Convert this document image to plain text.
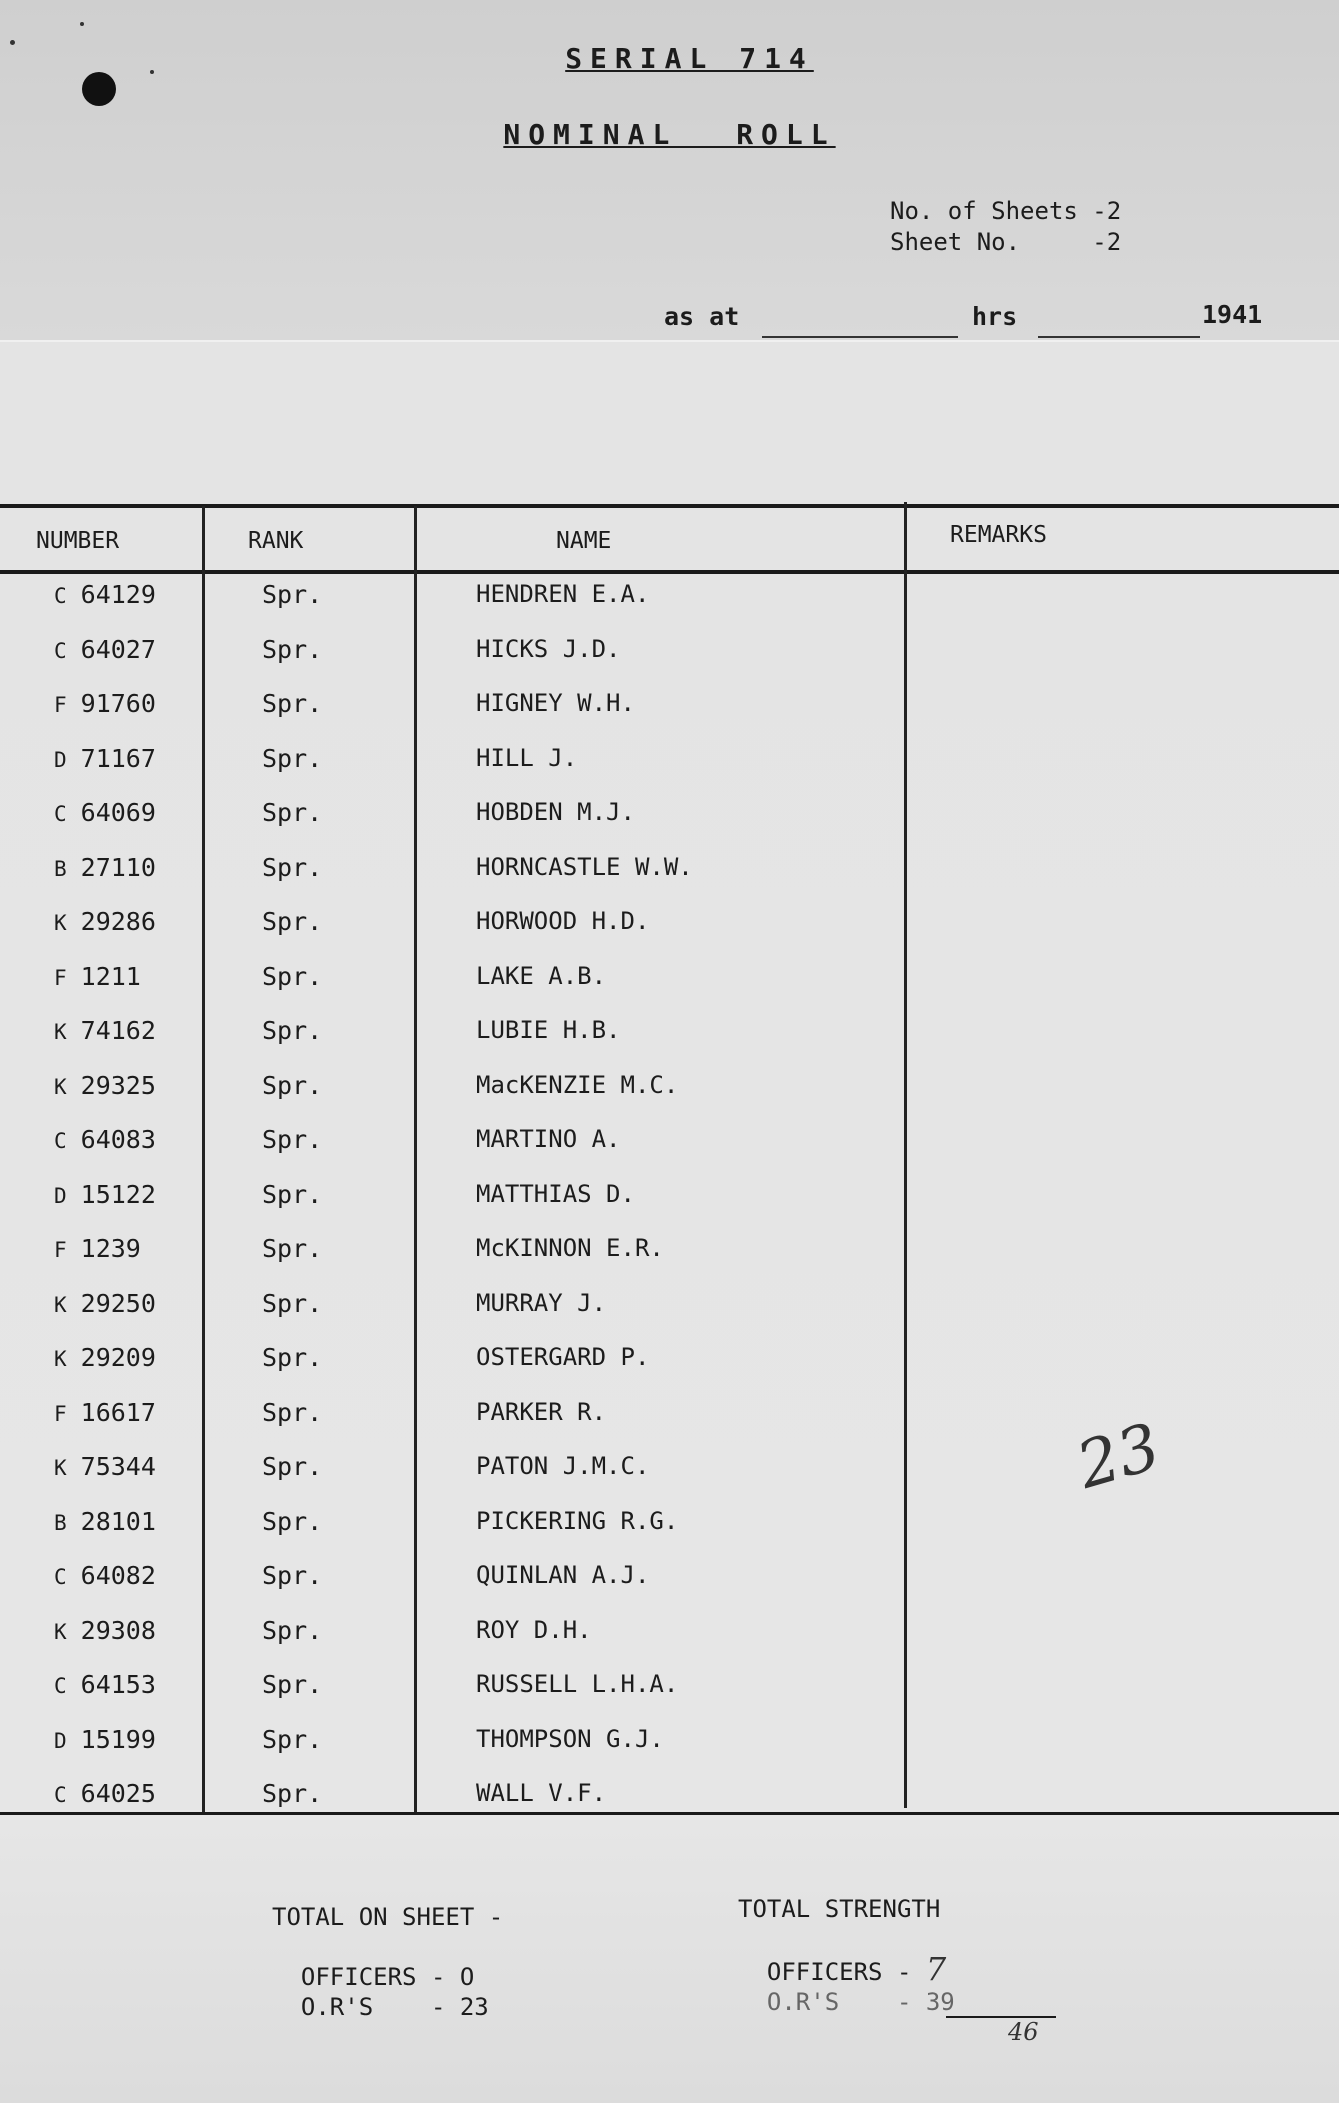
SERIAL 714
NOMINAL ROLL
No. of Sheets -2
Sheet No.     -2
as at	hrs	1941
NUMBER	RANK	NAME	REMARKS
C 64129	Spr.	HENDREN E.A.
C 64027	Spr.	HICKS J.D.
F 91760	Spr.	HIGNEY W.H.
D 71167	Spr.	HILL J.
C 64069	Spr.	HOBDEN M.J.
B 27110	Spr.	HORNCASTLE W.W.
K 29286	Spr.	HORWOOD H.D.
F 1211	Spr.	LAKE A.B.
K 74162	Spr.	LUBIE H.B.
K 29325	Spr.	MacKENZIE M.C.
C 64083	Spr.	MARTINO A.
D 15122	Spr.	MATTHIAS D.
F 1239	Spr.	McKINNON E.R.
K 29250	Spr.	MURRAY J.
K 29209	Spr.	OSTERGARD P.
F 16617	Spr.	PARKER R.
K 75344	Spr.	PATON J.M.C.
B 28101	Spr.	PICKERING R.G.
C 64082	Spr.	QUINLAN A.J.
K 29308	Spr.	ROY D.H.
C 64153	Spr.	RUSSELL L.H.A.
D 15199	Spr.	THOMPSON G.J.
C 64025	Spr.	WALL V.F.
23
TOTAL ON SHEET -

OFFICERS - O
O.R'S    - 23
TOTAL STRENGTH

OFFICERS - 7
O.R'S    - 39
46
